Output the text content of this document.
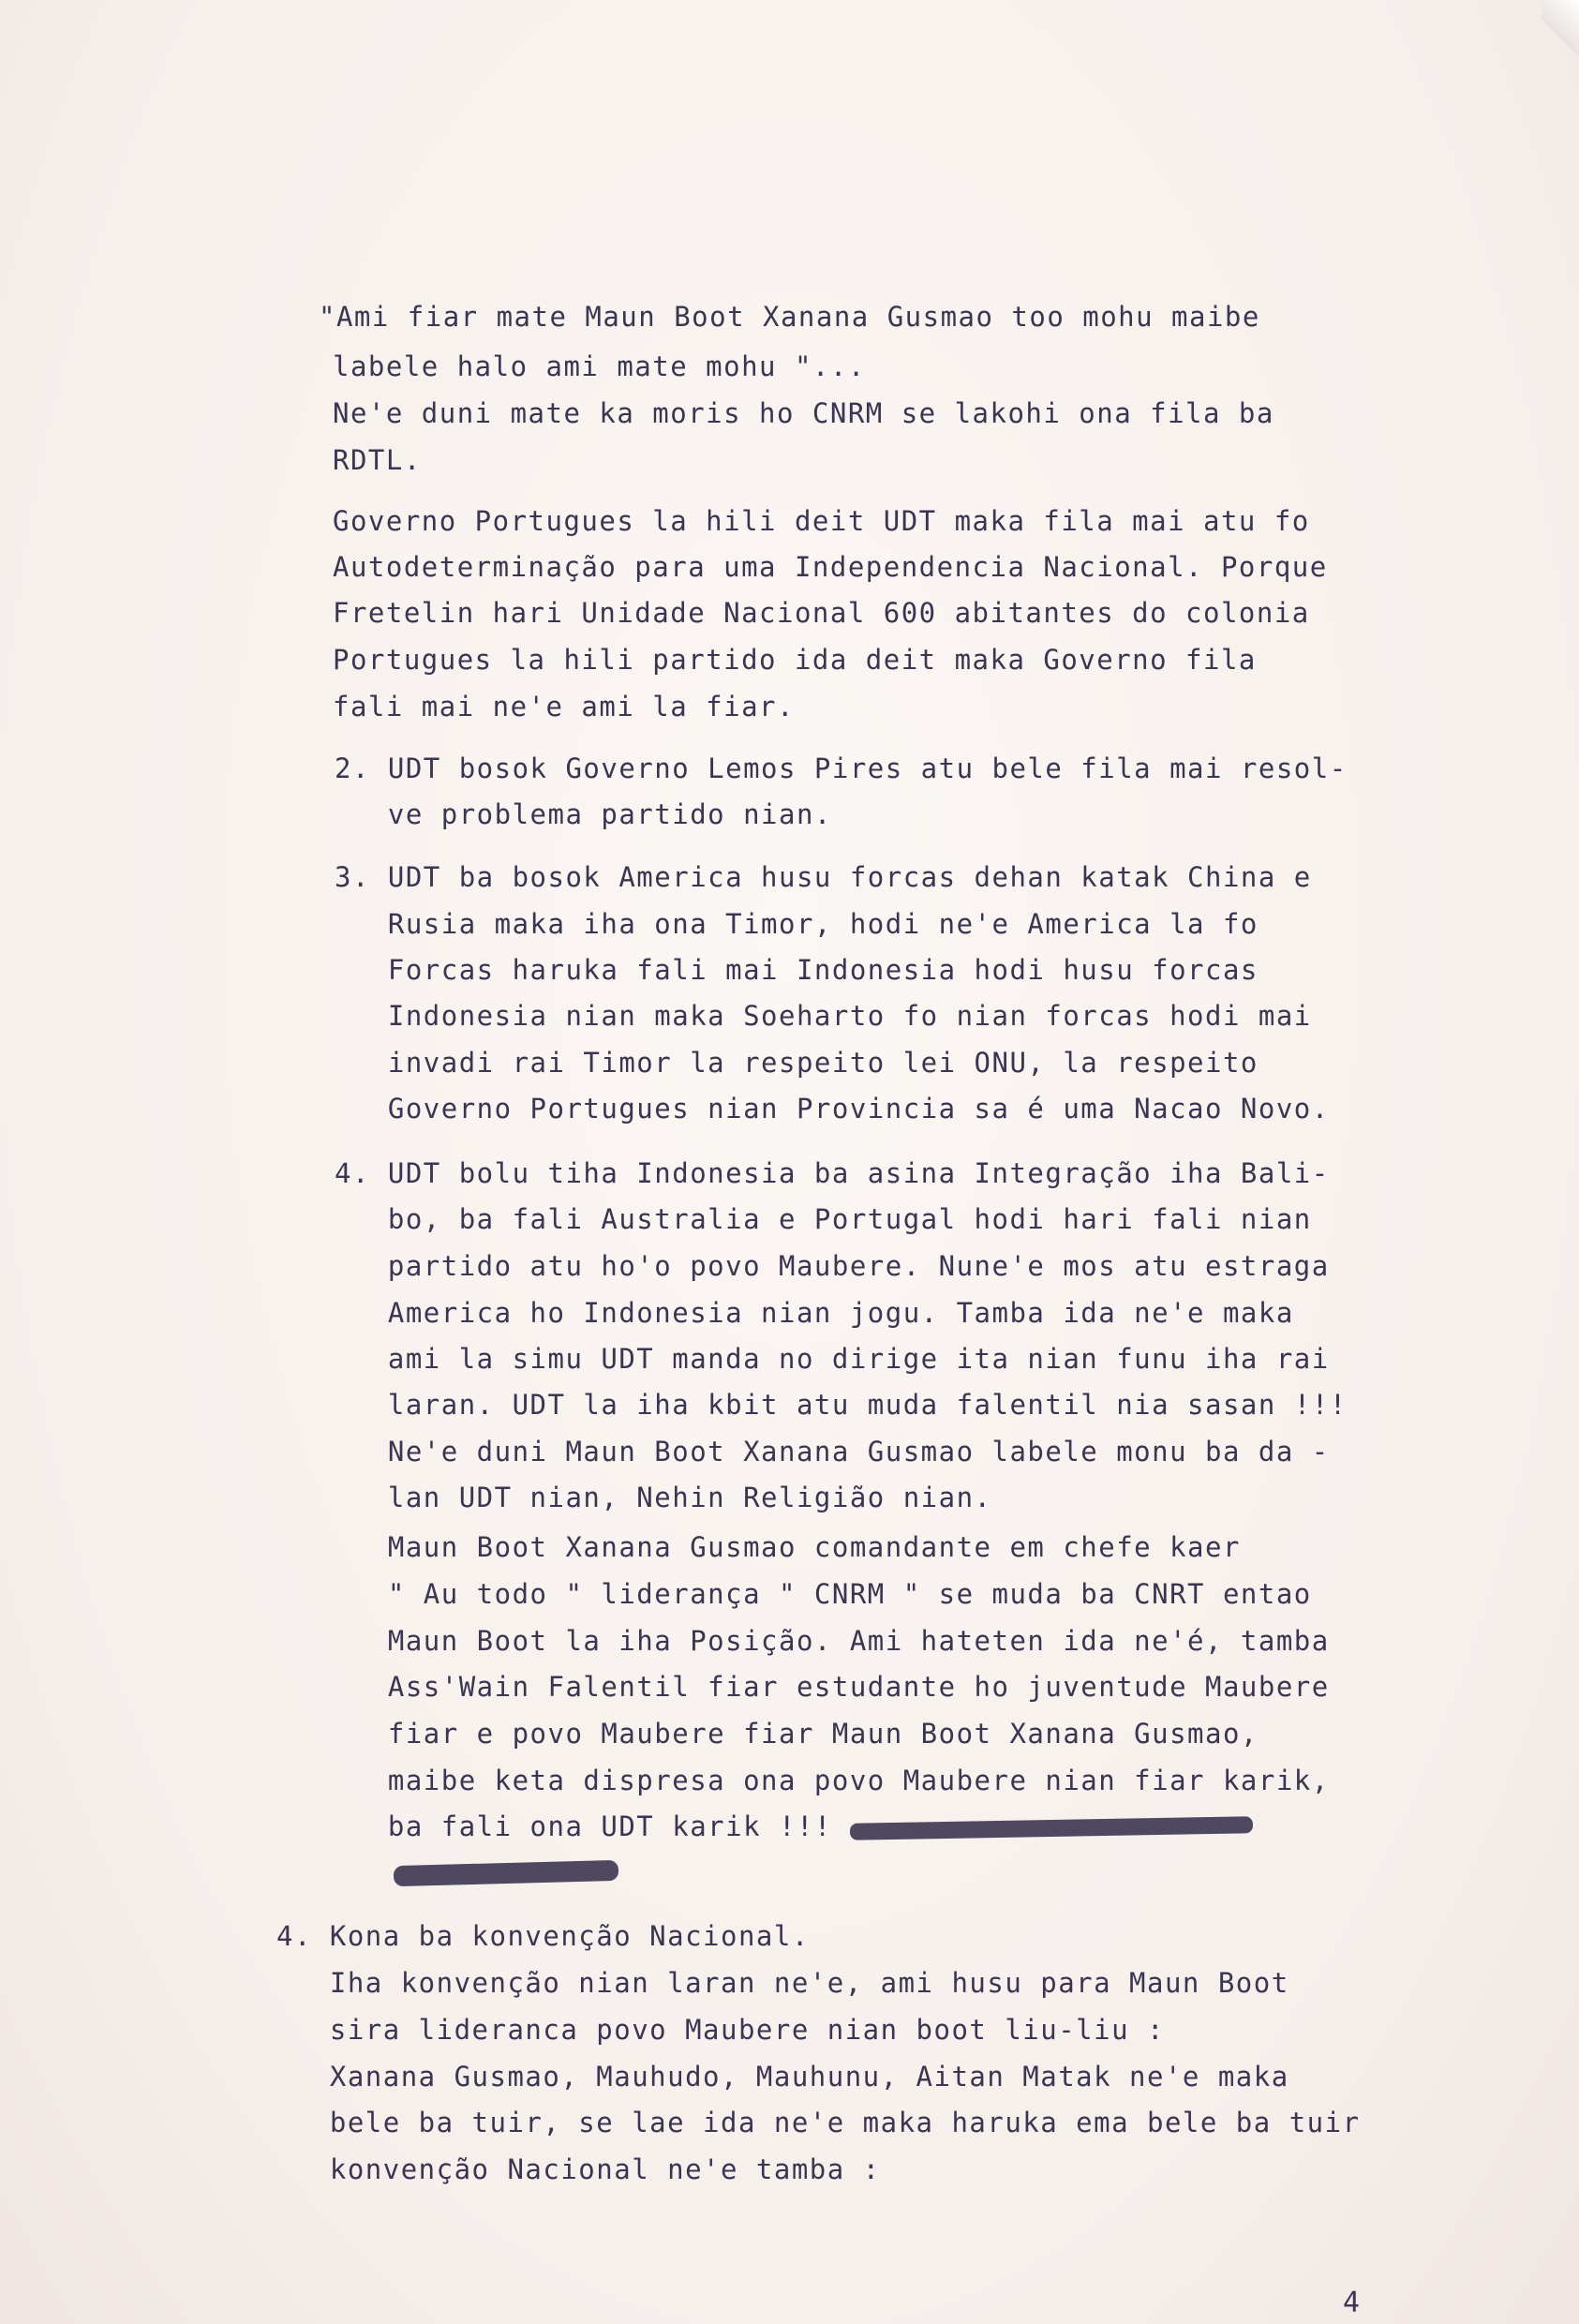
"Ami fiar mate Maun Boot Xanana Gusmao too mohu maibe
labele halo ami mate mohu "...
Ne'e duni mate ka moris ho CNRM se lakohi ona fila ba
RDTL.
Governo Portugues la hili deit UDT maka fila mai atu fo
Autodeterminação para uma Independencia Nacional. Porque
Fretelin hari Unidade Nacional 600 abitantes do colonia
Portugues la hili partido ida deit maka Governo fila
fali mai ne'e ami la fiar.
2. UDT bosok Governo Lemos Pires atu bele fila mai resol-
ve problema partido nian.
3. UDT ba bosok America husu forcas dehan katak China e
Rusia maka iha ona Timor, hodi ne'e America la fo
Forcas haruka fali mai Indonesia hodi husu forcas
Indonesia nian maka Soeharto fo nian forcas hodi mai
invadi rai Timor la respeito lei ONU, la respeito
Governo Portugues nian Provincia sa é uma Nacao Novo.
4. UDT bolu tiha Indonesia ba asina Integração iha Bali-
bo, ba fali Australia e Portugal hodi hari fali nian
partido atu ho'o povo Maubere. Nune'e mos atu estraga
America ho Indonesia nian jogu. Tamba ida ne'e maka
ami la simu UDT manda no dirige ita nian funu iha rai
laran. UDT la iha kbit atu muda falentil nia sasan !!!
Ne'e duni Maun Boot Xanana Gusmao labele monu ba da -
lan UDT nian, Nehin Religião nian.
Maun Boot Xanana Gusmao comandante em chefe kaer
" Au todo " liderança " CNRM " se muda ba CNRT entao
Maun Boot la iha Posição. Ami hateten ida ne'é, tamba
Ass'Wain Falentil fiar estudante ho juventude Maubere
fiar e povo Maubere fiar Maun Boot Xanana Gusmao,
maibe keta dispresa ona povo Maubere nian fiar karik,
ba fali ona UDT karik !!!
4. Kona ba konvenção Nacional.
Iha konvenção nian laran ne'e, ami husu para Maun Boot
sira lideranca povo Maubere nian boot liu-liu :
Xanana Gusmao, Mauhudo, Mauhunu, Aitan Matak ne'e maka
bele ba tuir, se lae ida ne'e maka haruka ema bele ba tuir
konvenção Nacional ne'e tamba :
4
